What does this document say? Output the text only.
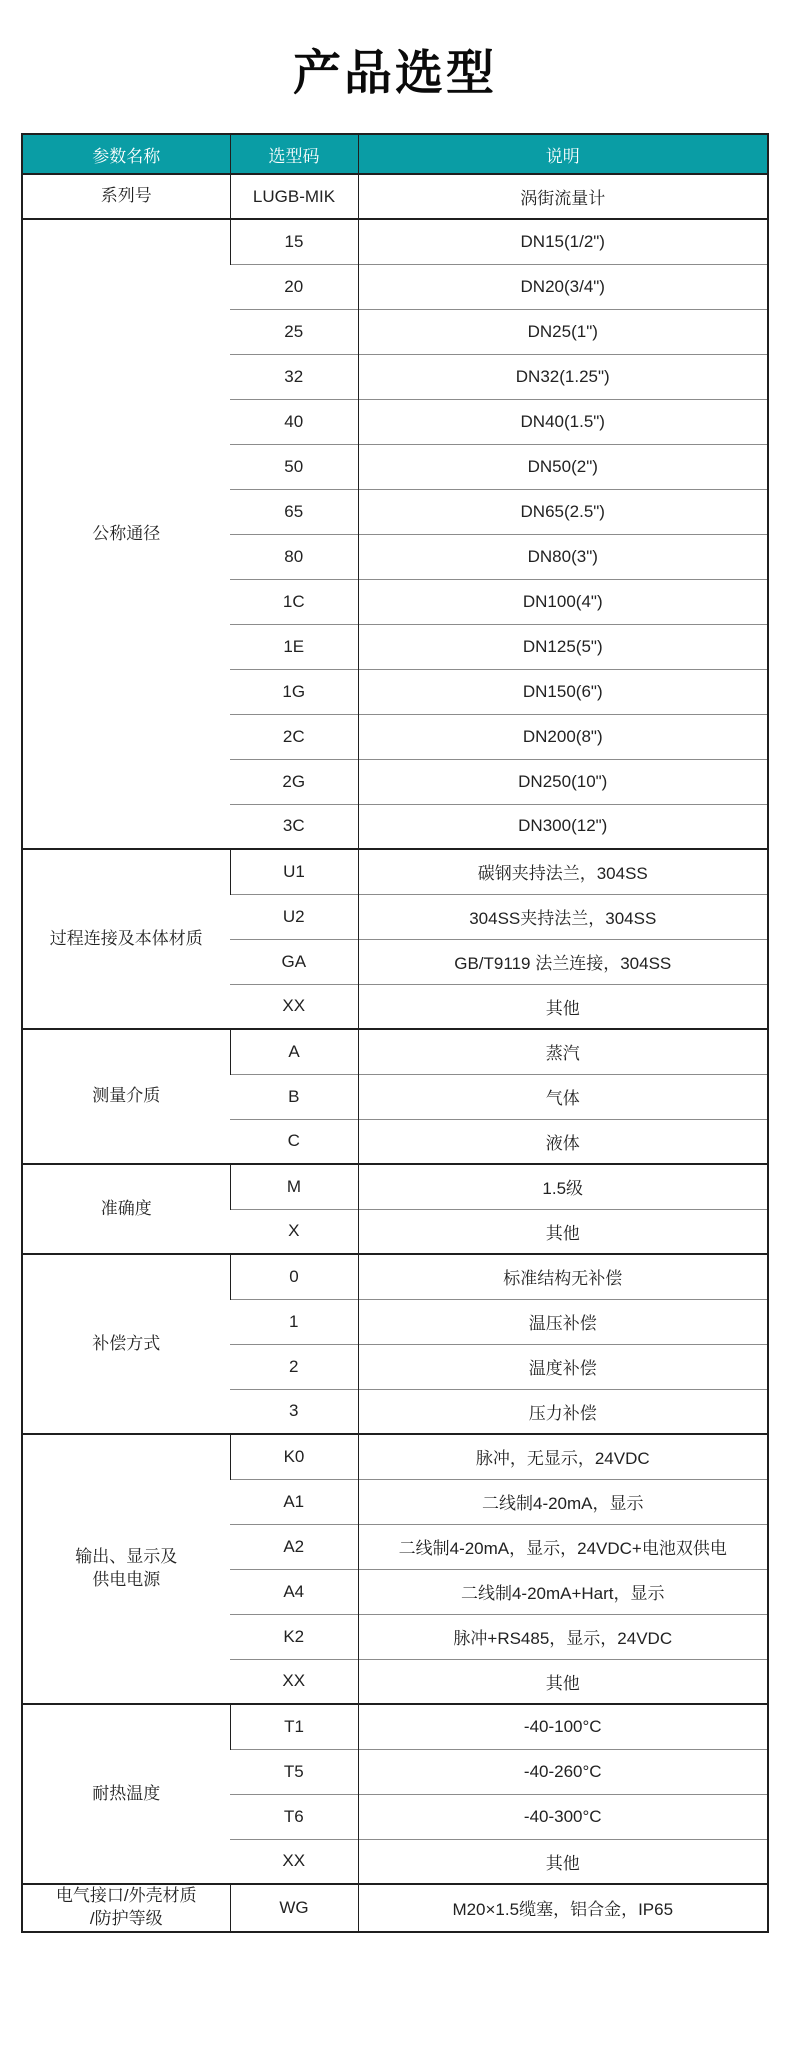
产品选型
参数名称	选型码	说明
系列号	LUGB-MIK	涡街流量计
公称通径	15	DN15(1/2")
	20	DN20(3/4")
	25	DN25(1")
	32	DN32(1.25")
	40	DN40(1.5")
	50	DN50(2")
	65	DN65(2.5")
	80	DN80(3")
	1C	DN100(4")
	1E	DN125(5")
	1G	DN150(6")
	2C	DN200(8")
	2G	DN250(10")
	3C	DN300(12")
过程连接及本体材质	U1	碳钢夹持法兰，304SS
	U2	304SS夹持法兰，304SS
	GA	GB/T9119 法兰连接，304SS
	XX	其他
测量介质	A	蒸汽
	B	气体
	C	液体
准确度	M	1.5级
	X	其他
补偿方式	0	标准结构无补偿
	1	温压补偿
	2	温度补偿
	3	压力补偿
输出、显示及
供电电源	K0	脉冲，无显示，24VDC
	A1	二线制4-20mA，显示
	A2	二线制4-20mA，显示，24VDC+电池双供电
	A4	二线制4-20mA+Hart，显示
	K2	脉冲+RS485，显示，24VDC
	XX	其他
耐热温度	T1	-40-100°C
	T5	-40-260°C
	T6	-40-300°C
	XX	其他
电气接口/外壳材质
/防护等级	WG	M20×1.5缆塞，铝合金，IP65
